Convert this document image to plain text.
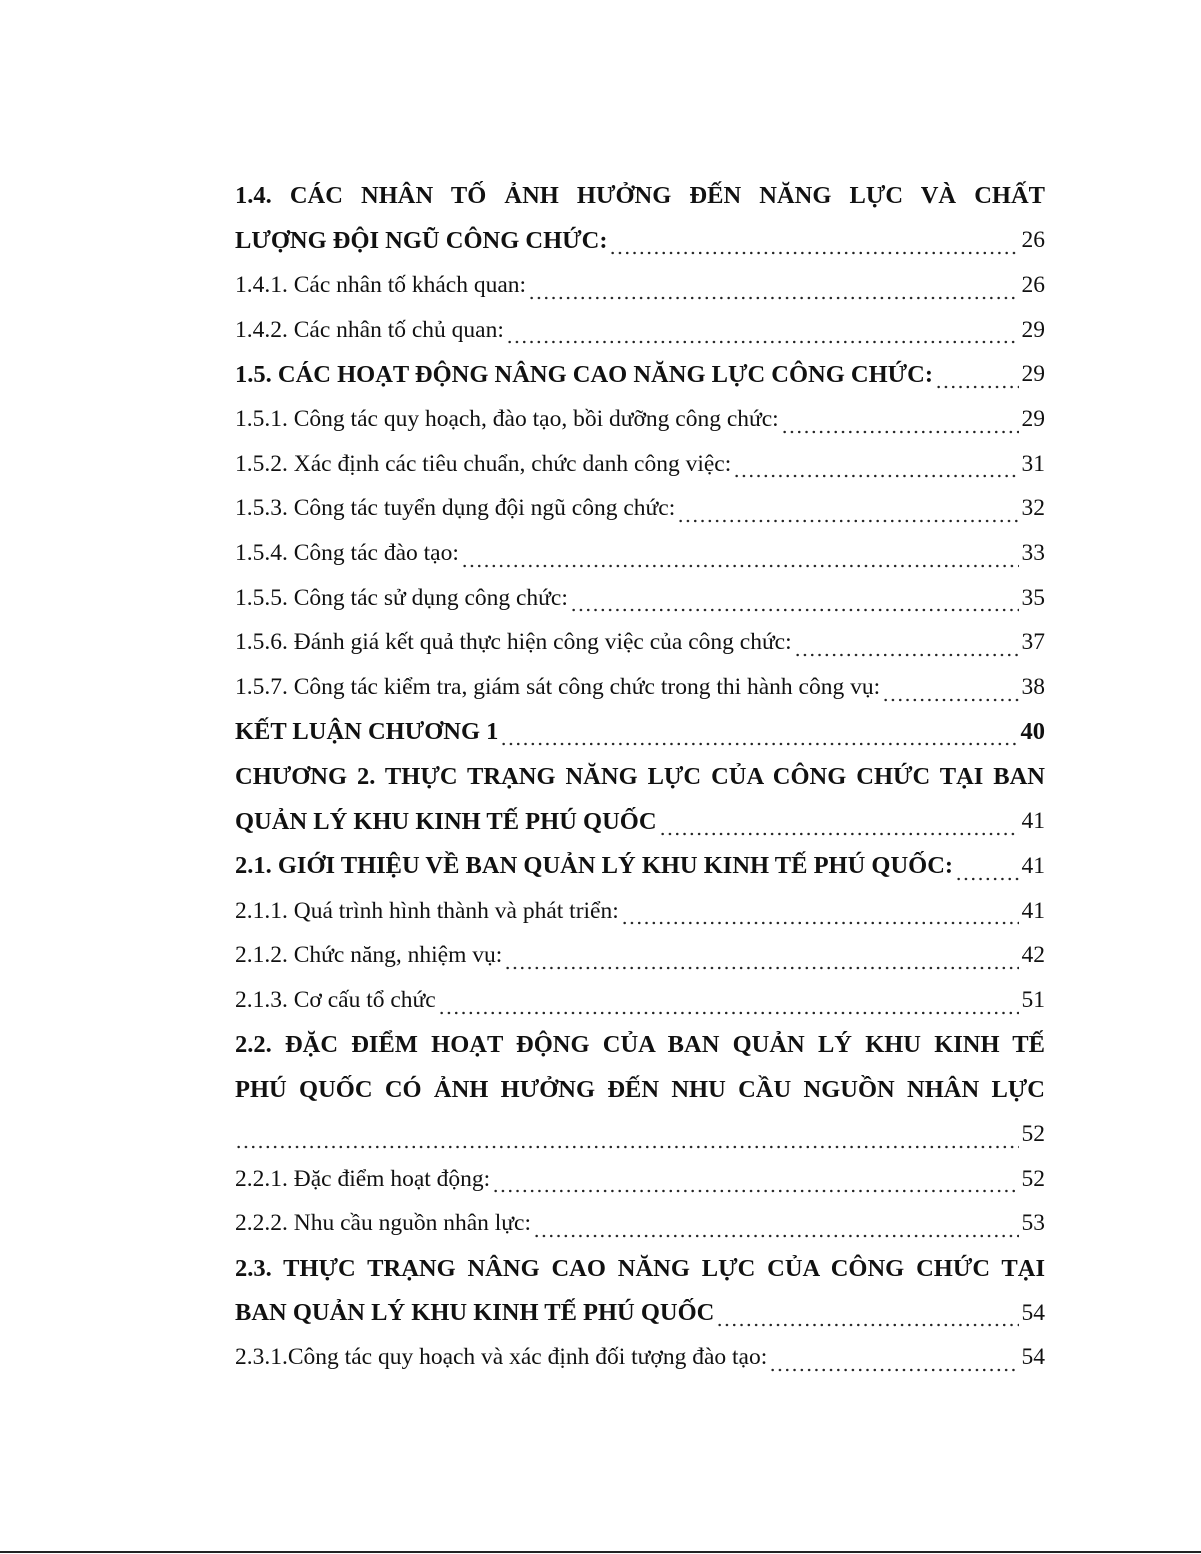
1.4. CÁC NHÂN TỐ ẢNH HƯỞNG ĐẾN NĂNG LỰC VÀ CHẤT
LƯỢNG ĐỘI NGŨ CÔNG CHỨC:	26
1.4.1. Các nhân tố khách quan:	26
1.4.2. Các nhân tố chủ quan:	29
1.5. CÁC HOẠT ĐỘNG NÂNG CAO NĂNG LỰC CÔNG CHỨC:	29
1.5.1. Công tác quy hoạch, đào tạo, bồi dưỡng công chức:	29
1.5.2. Xác định các tiêu chuẩn, chức danh công việc:	31
1.5.3. Công tác tuyển dụng đội ngũ công chức:	32
1.5.4. Công tác đào tạo:	33
1.5.5. Công tác sử dụng công chức:	35
1.5.6. Đánh giá kết quả thực hiện công việc của công chức:	37
1.5.7. Công tác kiểm tra, giám sát công chức trong thi hành công vụ:	38
KẾT LUẬN CHƯƠNG 1	40
CHƯƠNG 2. THỰC TRẠNG NĂNG LỰC CỦA CÔNG CHỨC TẠI BAN
QUẢN LÝ KHU KINH TẾ PHÚ QUỐC	41
2.1. GIỚI THIỆU VỀ BAN QUẢN LÝ KHU KINH TẾ PHÚ QUỐC:	41
2.1.1. Quá trình hình thành và phát triển:	41
2.1.2. Chức năng, nhiệm vụ:	42
2.1.3. Cơ cấu tổ chức	51
2.2. ĐẶC ĐIỂM HOẠT ĐỘNG CỦA BAN QUẢN LÝ KHU KINH TẾ
PHÚ QUỐC CÓ ẢNH HƯỞNG ĐẾN NHU CẦU NGUỒN NHÂN LỰC
52
2.2.1. Đặc điểm hoạt động:	52
2.2.2. Nhu cầu nguồn nhân lực:	53
2.3. THỰC TRẠNG NÂNG CAO NĂNG LỰC CỦA CÔNG CHỨC TẠI
BAN QUẢN LÝ KHU KINH TẾ PHÚ QUỐC	54
2.3.1.Công tác quy hoạch và xác định đối tượng đào tạo:	54
